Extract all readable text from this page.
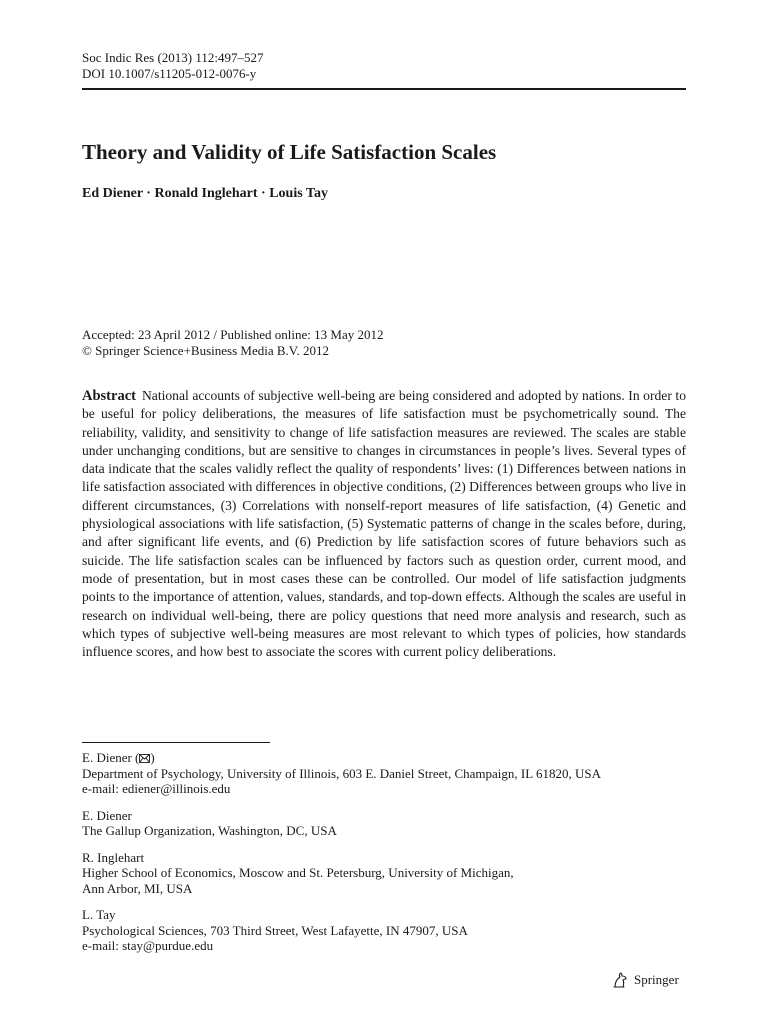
Soc Indic Res (2013) 112:497–527
DOI 10.1007/s11205-012-0076-y
Theory and Validity of Life Satisfaction Scales
Ed Diener · Ronald Inglehart · Louis Tay
Accepted: 23 April 2012 / Published online: 13 May 2012
© Springer Science+Business Media B.V. 2012

Abstract National accounts of subjective well-being are being considered and adopted by nations. In order to be useful for policy deliberations, the measures of life satisfaction must be psychometrically sound. The reliability, validity, and sensitivity to change of life satisfaction measures are reviewed. The scales are stable under unchanging conditions, but are sensitive to changes in circumstances in people’s lives. Several types of data indicate that the scales validly reflect the quality of respondents’ lives: (1) Differences between nations in life satisfaction associated with differences in objective conditions, (2) Differences between groups who live in different circumstances, (3) Correlations with nonself-report measures of life satisfaction, (4) Genetic and physiological associations with life satisfaction, (5) Systematic patterns of change in the scales before, during, and after significant life events, and (6) Prediction by life satisfaction scores of future behaviors such as suicide. The life satisfaction scales can be influenced by factors such as question order, current mood, and mode of presentation, but in most cases these can be controlled. Our model of life satisfaction judgments points to the importance of attention, values, standards, and top-down effects. Although the scales are useful in research on individual well-being, there are policy questions that need more analysis and research, such as which types of subjective well-being measures are most relevant to which types of policies, how standards influence scores, and how best to associate the scores with current policy deliberations.

E. Diener ( )
Department of Psychology, University of Illinois, 603 E. Daniel Street, Champaign, IL 61820, USA
e-mail: ediener@illinois.edu
E. Diener
The Gallup Organization, Washington, DC, USA
R. Inglehart
Higher School of Economics, Moscow and St. Petersburg, University of Michigan,
Ann Arbor, MI, USA
L. Tay
Psychological Sciences, 703 Third Street, West Lafayette, IN 47907, USA
e-mail: stay@purdue.edu
Springer
